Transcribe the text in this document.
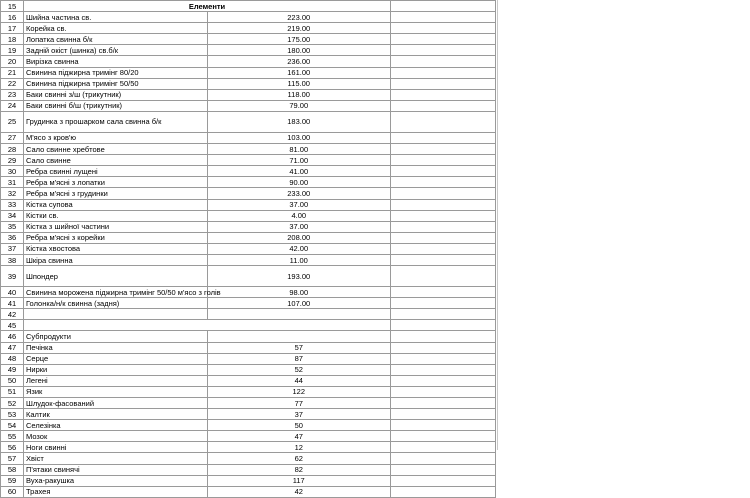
15	Елементи		
16	Шийна частина св.	223.00	
17	Корейка св.	219.00	
18	Лопатка свинна б/к	175.00	
19	Задній окіст (шинка) св.б/к	180.00	
20	Вирізка свинна	236.00	
21	Свинина піджирна тримінг 80/20	161.00	
22	Свинина піджирна тримінг 50/50	115.00	
23	Баки свинні з/ш (трикутник)	118.00	
24	Баки свинні б/ш (трикутник)	79.00	
25	Грудинка з прошарком сала свинна б/к	183.00	
27	М'ясо з кров'ю	103.00	
28	Сало свинне хребтове	81.00	
29	Сало свинне	71.00	
30	Ребра свинні лущені	41.00	
31	Ребра м'ясні з лопатки	90.00	
32	Ребра м'ясні з грудинки	233.00	
33	Кістка супова	37.00	
34	Кістки св.	4.00	
35	Кістка з шийної частини	37.00	
36	Ребра м'ясні з корейки	208.00	
37	Кістка хвостова	42.00	
38	Шкіра свинна	11.00	
39	Шпондер	193.00	
40	Свинина морожена піджирна тримінг 50/50 м'ясо з голів	98.00	
41	Голонка/н/к свинна (задня)	107.00	
42			
45			
46	Субпродукти		
47	Печінка	57	
48	Серце	87	
49	Нирки	52	
50	Легені	44	
51	Язик	122	
52	Шлудок-фасований	77	
53	Калтик	37	
54	Селезінка	50	
55	Мозок	47	
56	Ноги свинні	12	
57	Хвіст	62	
58	П'ятаки свинячі	82	
59	Вуха-ракушка	117	
60	Трахея	42	
